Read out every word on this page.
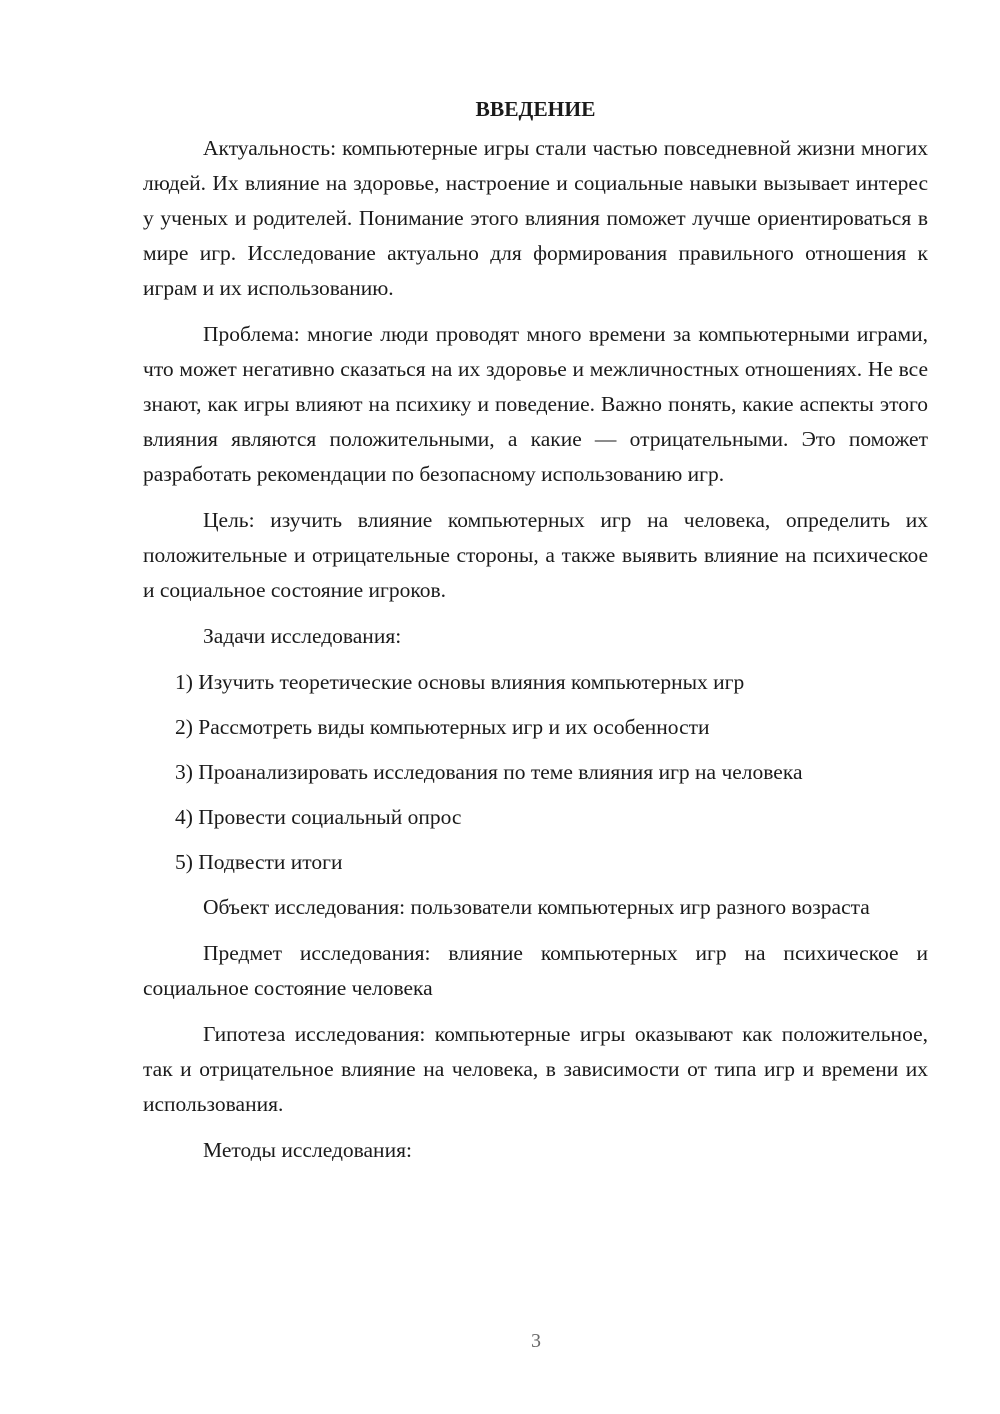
ВВЕДЕНИЕ

Актуальность: компьютерные игры стали частью повседневной жизни многих людей. Их влияние на здоровье, настроение и социальные навыки вызывает интерес у ученых и родителей. Понимание этого влияния поможет лучше ориентироваться в мире игр. Исследование актуально для формирования правильного отношения к играм и их использованию.

Проблема: многие люди проводят много времени за компьютерными играми, что может негативно сказаться на их здоровье и межличностных отношениях. Не все знают, как игры влияют на психику и поведение. Важно понять, какие аспекты этого влияния являются положительными, а какие — отрицательными. Это поможет разработать рекомендации по безопасному использованию игр.

Цель: изучить влияние компьютерных игр на человека, определить их положительные и отрицательные стороны, а также выявить влияние на психическое и социальное состояние игроков.

Задачи исследования:

1) Изучить теоретические основы влияния компьютерных игр
2) Рассмотреть виды компьютерных игр и их особенности
3) Проанализировать исследования по теме влияния игр на человека
4) Провести социальный опрос
5) Подвести итоги

Объект исследования: пользователи компьютерных игр разного возраста

Предмет исследования: влияние компьютерных игр на психическое и социальное состояние человека

Гипотеза исследования: компьютерные игры оказывают как положительное, так и отрицательное влияние на человека, в зависимости от типа игр и времени их использования.

Методы исследования:

3
